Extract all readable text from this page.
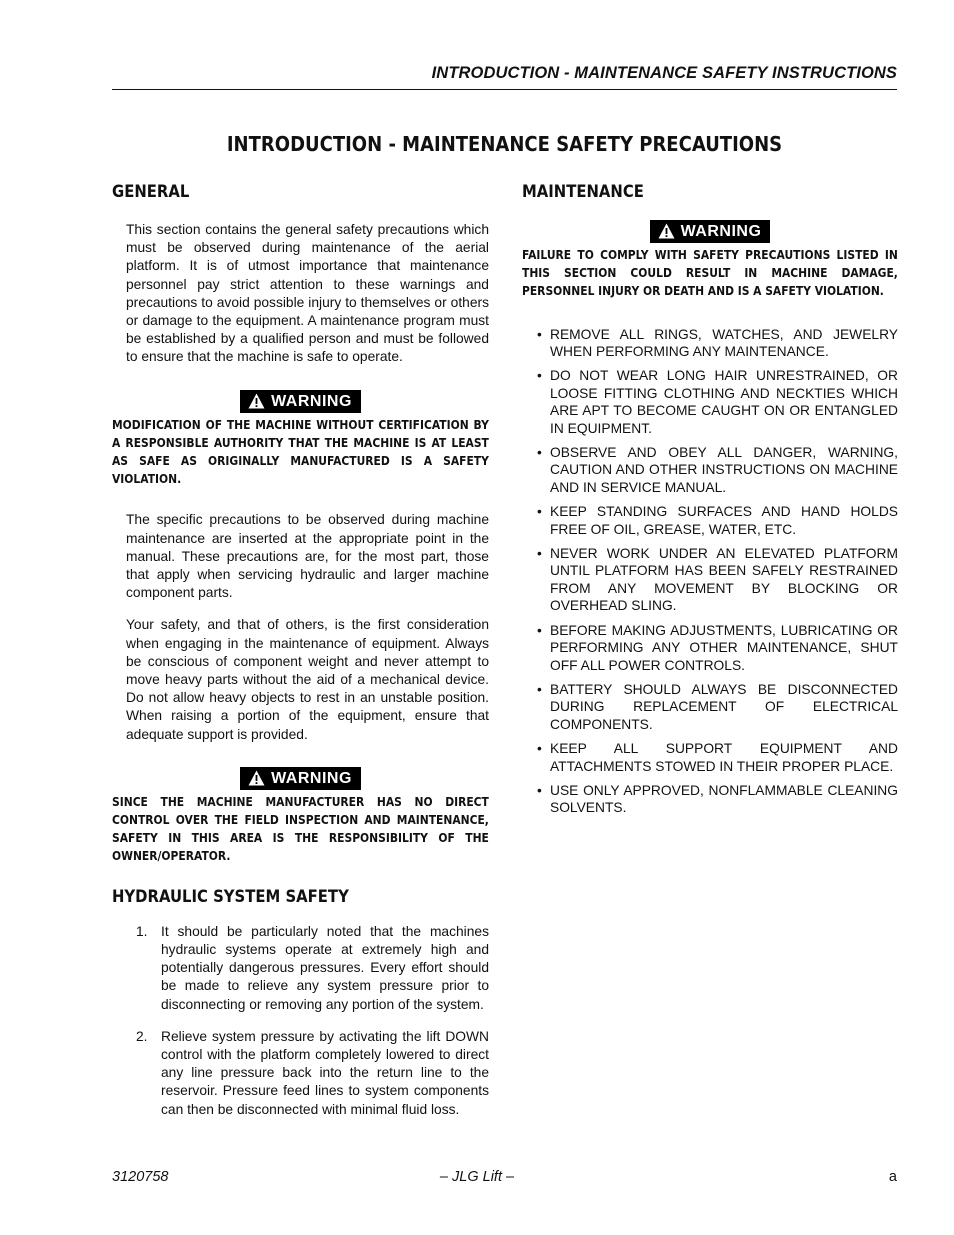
INTRODUCTION - MAINTENANCE SAFETY INSTRUCTIONS
INTRODUCTION - MAINTENANCE SAFETY PRECAUTIONS
GENERAL

This section contains the general safety precautions which must be observed during maintenance of the aerial platform. It is of utmost importance that maintenance personnel pay strict attention to these warnings and precautions to avoid possible injury to themselves or others or damage to the equipment. A maintenance program must be established by a qualified person and must be followed to ensure that the machine is safe to operate.

WARNING

MODIFICATION OF THE MACHINE WITHOUT CERTIFICATION BY A RESPONSIBLE AUTHORITY THAT THE MACHINE IS AT LEAST AS SAFE AS ORIGINALLY MANUFACTURED IS A SAFETY VIOLATION.

The specific precautions to be observed during machine maintenance are inserted at the appropriate point in the manual. These precautions are, for the most part, those that apply when servicing hydraulic and larger machine component parts.

Your safety, and that of others, is the first consideration when engaging in the maintenance of equipment. Always be conscious of component weight and never attempt to move heavy parts without the aid of a mechanical device. Do not allow heavy objects to rest in an unstable position. When raising a portion of the equipment, ensure that adequate support is provided.

WARNING

SINCE THE MACHINE MANUFACTURER HAS NO DIRECT CONTROL OVER THE FIELD INSPECTION AND MAINTENANCE, SAFETY IN THIS AREA IS THE RESPONSIBILITY OF THE OWNER/OPERATOR.

HYDRAULIC SYSTEM SAFETY
1. It should be particularly noted that the machines hydraulic systems operate at extremely high and potentially dangerous pressures. Every effort should be made to relieve any system pressure prior to disconnecting or removing any portion of the system.
2. Relieve system pressure by activating the lift DOWN control with the platform completely lowered to direct any line pressure back into the return line to the reservoir. Pressure feed lines to system components can then be disconnected with minimal fluid loss.
MAINTENANCE
WARNING

FAILURE TO COMPLY WITH SAFETY PRECAUTIONS LISTED IN THIS SECTION COULD RESULT IN MACHINE DAMAGE, PERSONNEL INJURY OR DEATH AND IS A SAFETY VIOLATION.

• REMOVE ALL RINGS, WATCHES, AND JEWELRY WHEN PERFORMING ANY MAINTENANCE.
• DO NOT WEAR LONG HAIR UNRESTRAINED, OR LOOSE FITTING CLOTHING AND NECKTIES WHICH ARE APT TO BECOME CAUGHT ON OR ENTANGLED IN EQUIPMENT.
• OBSERVE AND OBEY ALL DANGER, WARNING, CAUTION AND OTHER INSTRUCTIONS ON MACHINE AND IN SERVICE MANUAL.
• KEEP STANDING SURFACES AND HAND HOLDS FREE OF OIL, GREASE, WATER, ETC.
• NEVER WORK UNDER AN ELEVATED PLATFORM UNTIL PLATFORM HAS BEEN SAFELY RESTRAINED FROM ANY MOVEMENT BY BLOCKING OR OVERHEAD SLING.
• BEFORE MAKING ADJUSTMENTS, LUBRICATING OR PERFORMING ANY OTHER MAINTENANCE, SHUT OFF ALL POWER CONTROLS.
• BATTERY SHOULD ALWAYS BE DISCONNECTED DURING REPLACEMENT OF ELECTRICAL COMPONENTS.
• KEEP ALL SUPPORT EQUIPMENT AND ATTACHMENTS STOWED IN THEIR PROPER PLACE.
• USE ONLY APPROVED, NONFLAMMABLE CLEANING SOLVENTS.
3120758	– JLG Lift –	a
